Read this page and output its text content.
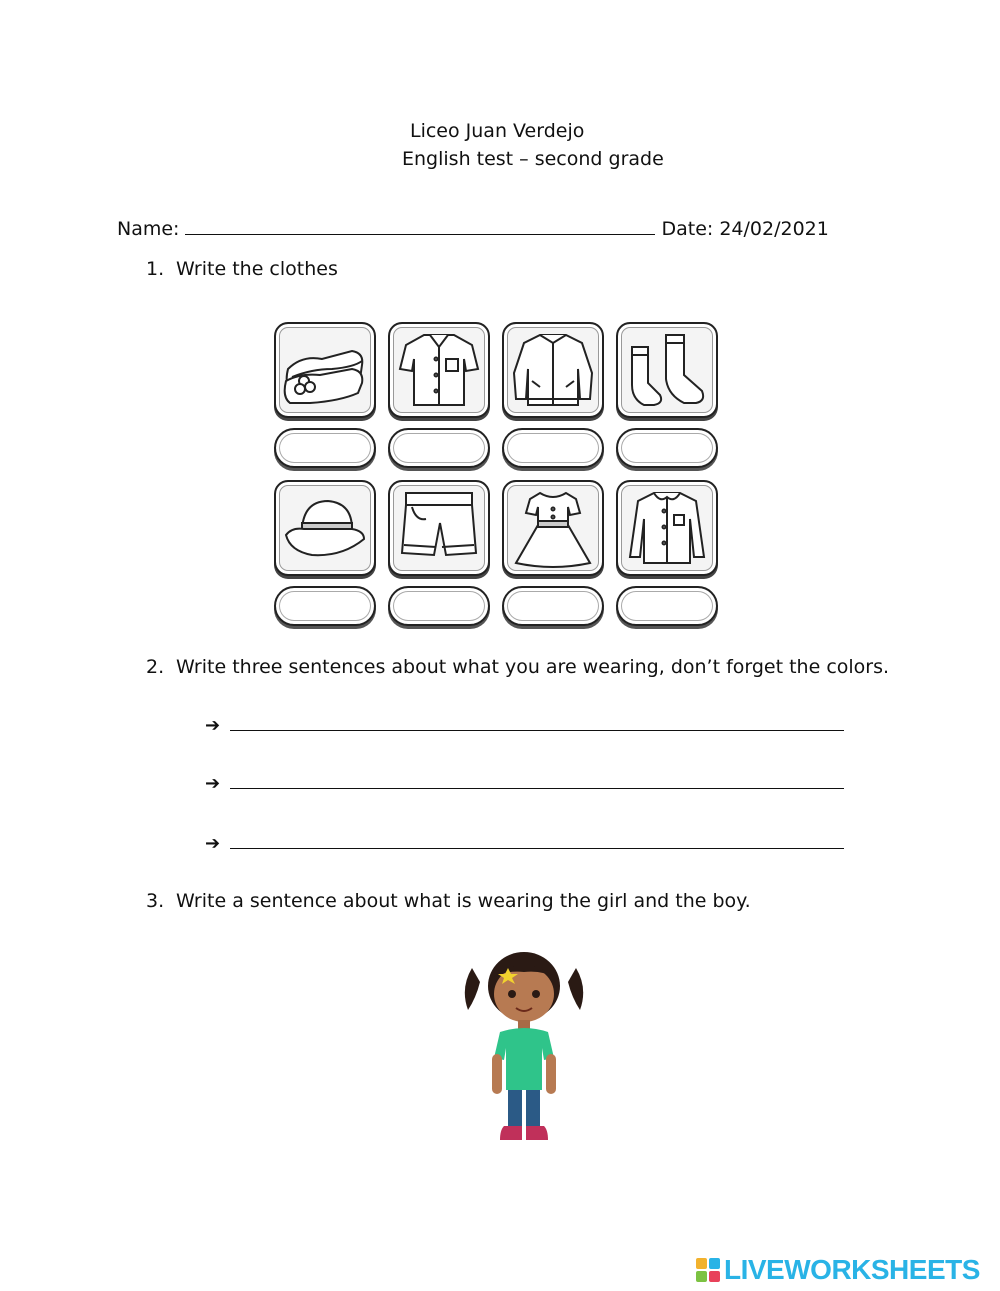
Liceo Juan Verdejo
English test – second grade
Name:	Date: 24/02/2021
1. Write the clothes
2. Write three sentences about what you are wearing, don’t forget the colors.
➔
➔
➔
3. Write a sentence about what is wearing the girl and the boy.
LIVEWORKSHEETS
